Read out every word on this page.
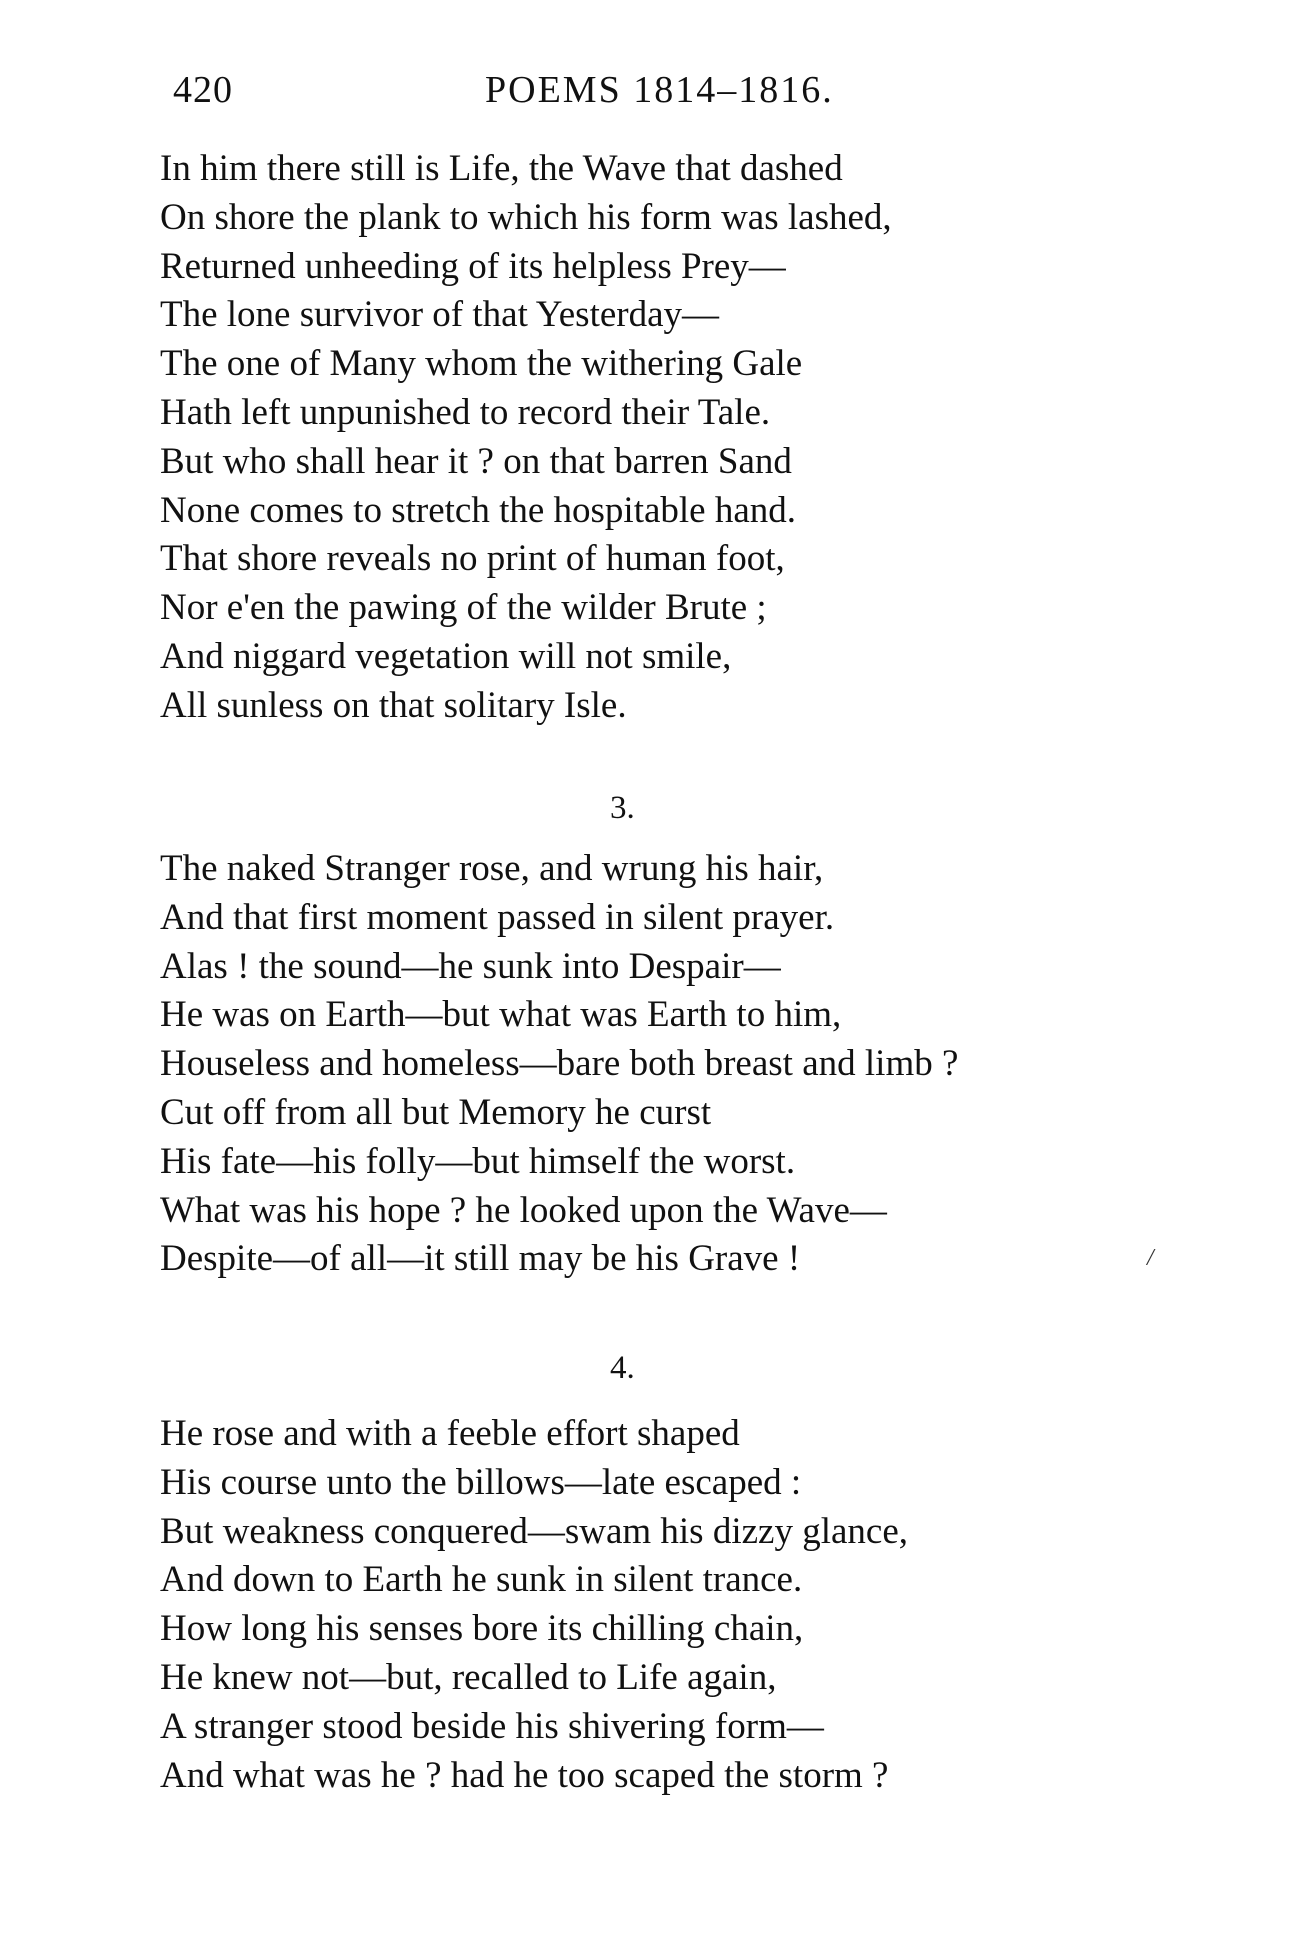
420	POEMS 1814–1816.
In him there still is Life, the Wave that dashed
On shore the plank to which his form was lashed,
Returned unheeding of its helpless Prey—
The lone survivor of that Yesterday—
The one of Many whom the withering Gale
Hath left unpunished to record their Tale.
But who shall hear it ? on that barren Sand
None comes to stretch the hospitable hand.
That shore reveals no print of human foot,
Nor e'en the pawing of the wilder Brute ;
And niggard vegetation will not smile,
All sunless on that solitary Isle.
3.
The naked Stranger rose, and wrung his hair,
And that first moment passed in silent prayer.
Alas ! the sound—he sunk into Despair—
He was on Earth—but what was Earth to him,
Houseless and homeless—bare both breast and limb ?
Cut off from all but Memory he curst
His fate—his folly—but himself the worst.
What was his hope ? he looked upon the Wave—
Despite—of all—it still may be his Grave !	/
4.
He rose and with a feeble effort shaped
His course unto the billows—late escaped :
But weakness conquered—swam his dizzy glance,
And down to Earth he sunk in silent trance.
How long his senses bore its chilling chain,
He knew not—but, recalled to Life again,
A stranger stood beside his shivering form—
And what was he ? had he too scaped the storm ?
